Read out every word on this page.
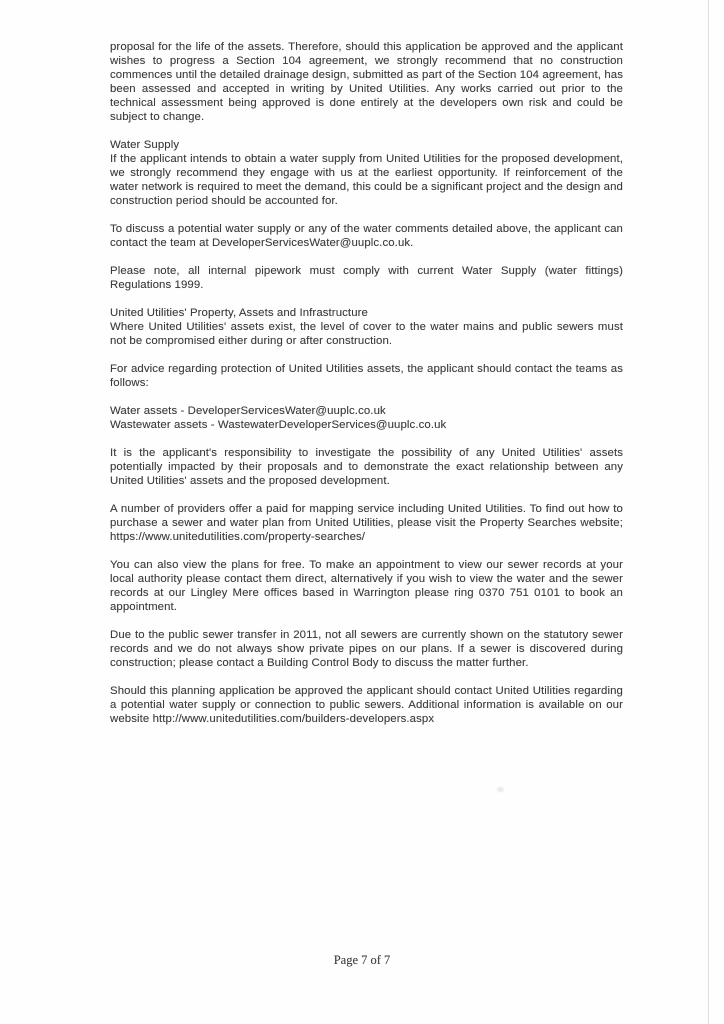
proposal for the life of the assets. Therefore, should this application be approved and the applicant wishes to progress a Section 104 agreement, we strongly recommend that no construction commences until the detailed drainage design, submitted as part of the Section 104 agreement, has been assessed and accepted in writing by United Utilities. Any works carried out prior to the technical assessment being approved is done entirely at the developers own risk and could be subject to change.

Water Supply

If the applicant intends to obtain a water supply from United Utilities for the proposed development, we strongly recommend they engage with us at the earliest opportunity. If reinforcement of the water network is required to meet the demand, this could be a significant project and the design and construction period should be accounted for.

To discuss a potential water supply or any of the water comments detailed above, the applicant can contact the team at DeveloperServicesWater@uuplc.co.uk.

Please note, all internal pipework must comply with current Water Supply (water fittings) Regulations 1999.

United Utilities' Property, Assets and Infrastructure

Where United Utilities' assets exist, the level of cover to the water mains and public sewers must not be compromised either during or after construction.

For advice regarding protection of United Utilities assets, the applicant should contact the teams as follows:

Water assets - DeveloperServicesWater@uuplc.co.uk

Wastewater assets - WastewaterDeveloperServices@uuplc.co.uk

It is the applicant's responsibility to investigate the possibility of any United Utilities' assets potentially impacted by their proposals and to demonstrate the exact relationship between any United Utilities' assets and the proposed development.

A number of providers offer a paid for mapping service including United Utilities. To find out how to purchase a sewer and water plan from United Utilities, please visit the Property Searches website; https://www.unitedutilities.com/property-searches/

You can also view the plans for free. To make an appointment to view our sewer records at your local authority please contact them direct, alternatively if you wish to view the water and the sewer records at our Lingley Mere offices based in Warrington please ring 0370 751 0101 to book an appointment.

Due to the public sewer transfer in 2011, not all sewers are currently shown on the statutory sewer records and we do not always show private pipes on our plans. If a sewer is discovered during construction; please contact a Building Control Body to discuss the matter further.

Should this planning application be approved the applicant should contact United Utilities regarding a potential water supply or connection to public sewers. Additional information is available on our website http://www.unitedutilities.com/builders-developers.aspx

Page 7 of 7
